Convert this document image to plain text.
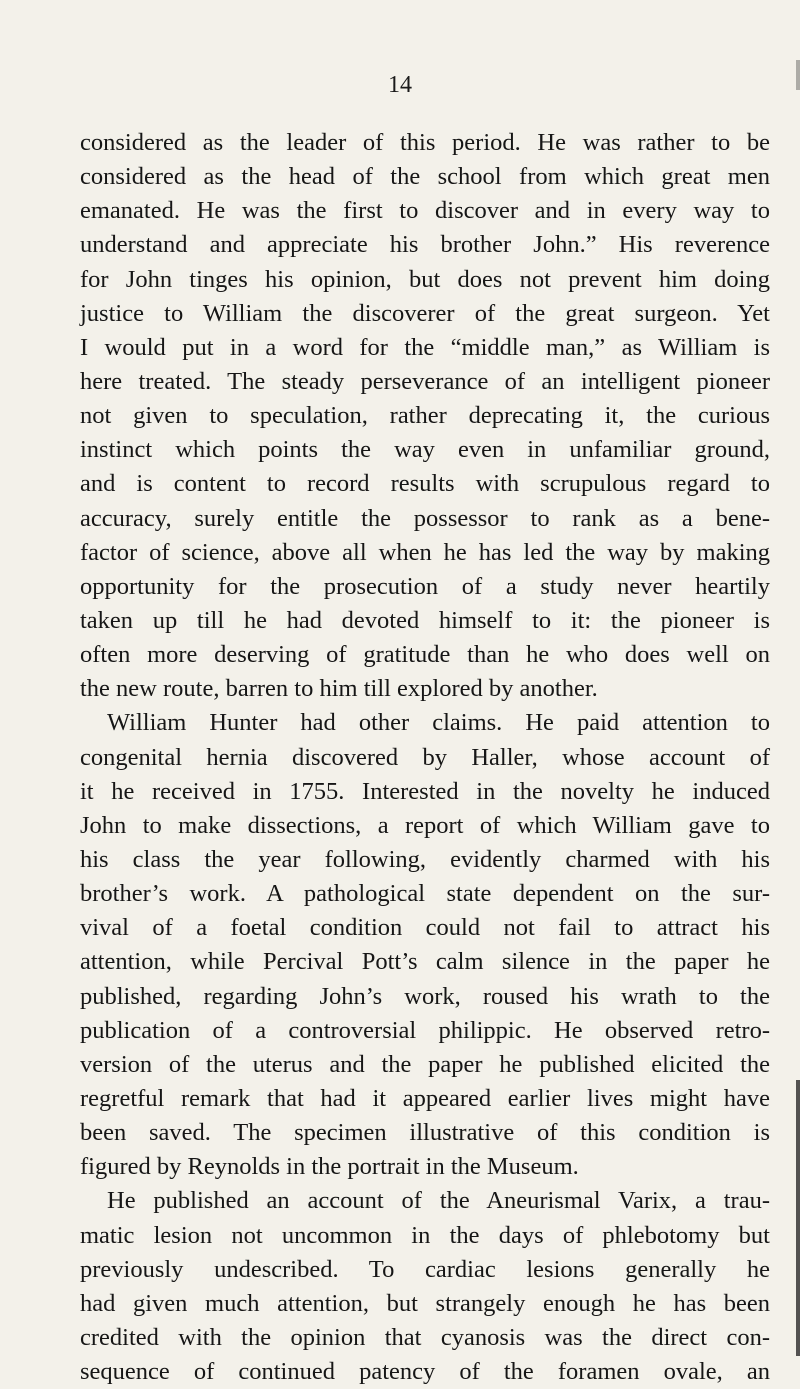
14

considered as the leader of this period. He was rather to be

considered as the head of the school from which great men

emanated. He was the first to discover and in every way to

understand and appreciate his brother John.” His reverence

for John tinges his opinion, but does not prevent him doing

justice to William the discoverer of the great surgeon. Yet

I would put in a word for the “middle man,” as William is

here treated. The steady perseverance of an intelligent pioneer

not given to speculation, rather deprecating it, the curious

instinct which points the way even in unfamiliar ground,

and is content to record results with scrupulous regard to

accuracy, surely entitle the possessor to rank as a bene-

factor of science, above all when he has led the way by making

opportunity for the prosecution of a study never heartily

taken up till he had devoted himself to it: the pioneer is

often more deserving of gratitude than he who does well on

the new route, barren to him till explored by another.

William Hunter had other claims. He paid attention to

congenital hernia discovered by Haller, whose account of

it he received in 1755. Interested in the novelty he induced

John to make dissections, a report of which William gave to

his class the year following, evidently charmed with his

brother’s work. A pathological state dependent on the sur-

vival of a foetal condition could not fail to attract his

attention, while Percival Pott’s calm silence in the paper he

published, regarding John’s work, roused his wrath to the

publication of a controversial philippic. He observed retro-

version of the uterus and the paper he published elicited the

regretful remark that had it appeared earlier lives might have

been saved. The specimen illustrative of this condition is

figured by Reynolds in the portrait in the Museum.

He published an account of the Aneurismal Varix, a trau-

matic lesion not uncommon in the days of phlebotomy but

previously undescribed. To cardiac lesions generally he

had given much attention, but strangely enough he has been

credited with the opinion that cyanosis was the direct con-

sequence of continued patency of the foramen ovale, an
